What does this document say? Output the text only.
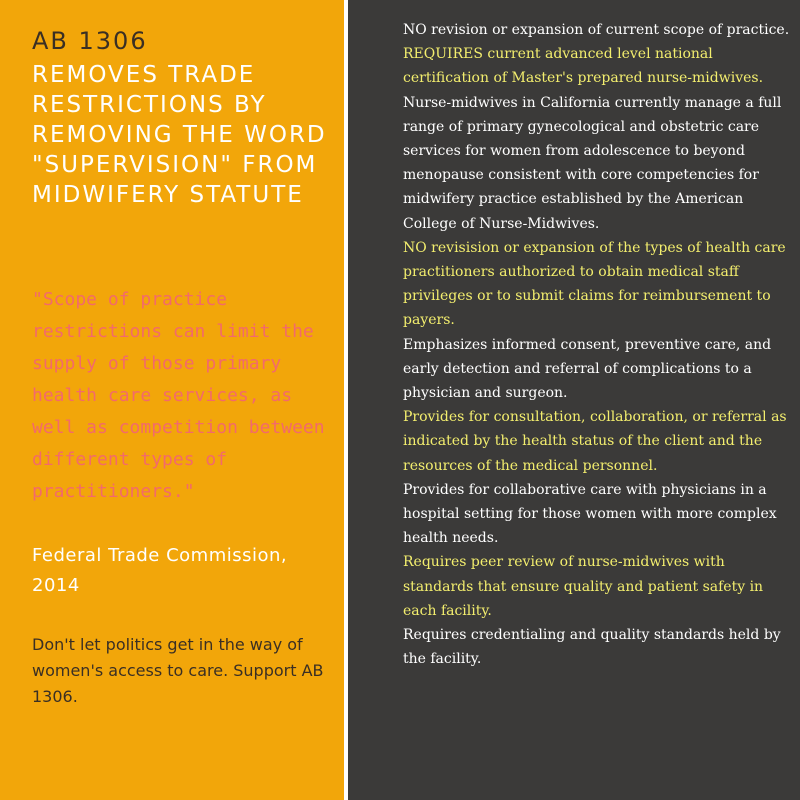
AB 1306
REMOVES TRADE RESTRICTIONS BY REMOVING THE WORD "SUPERVISION" FROM MIDWIFERY STATUTE
"Scope of practice restrictions can limit the supply of those primary health care services, as well as competition between different types of practitioners."
Federal Trade Commission, 2014
Don't let politics get in the way of women's access to care. Support AB 1306.

NO revision or expansion of current scope of practice.

REQUIRES current advanced level national certification of Master's prepared nurse-midwives.

Nurse-midwives in California currently manage a full range of primary gynecological and obstetric care services for women from adolescence to beyond menopause consistent with core competencies for midwifery practice established by the American College of Nurse-Midwives.

NO revisision or expansion of the types of health care practitioners authorized to obtain medical staff privileges or to submit claims for reimbursement to payers.

Emphasizes informed consent, preventive care, and early detection and referral of complications to a physician and surgeon.

Provides for consultation, collaboration, or referral as indicated by the health status of the client and the resources of the medical personnel.

Provides for collaborative care with physicians in a hospital setting for those women with more complex health needs.

Requires peer review of nurse-midwives with standards that ensure quality and patient safety in each facility.

Requires credentialing and quality standards held by the facility.
